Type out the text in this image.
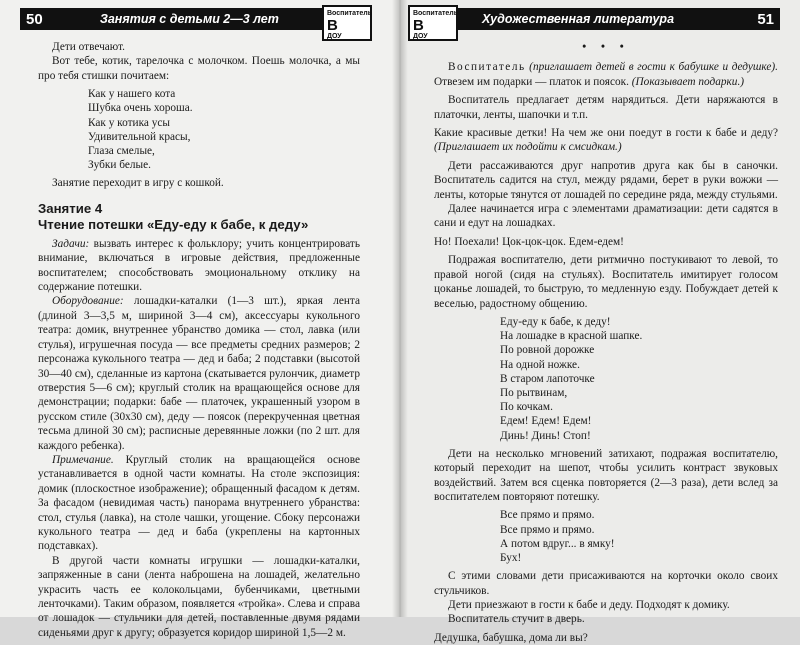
50	Занятия с детьми 2—3 лет	Воспитатель
В
ДОУ

Дети отвечают.

Вот тебе, котик, тарелочка с молочком. Поешь молочка, а мы про тебя стишки почитаем:

Как у нашего кота
Шубка очень хороша.
Как у котика усы
Удивительной красы,
Глаза смелые,
Зубки белые.

Занятие переходит в игру с кошкой.

Занятие 4
Чтение потешки «Еду-еду к бабе, к деду»

Задачи: вызвать интерес к фольклору; учить концентрировать внимание, включаться в игровые действия, предложенные воспитателем; способствовать эмоциональному отклику на содержание потешки.

Оборудование: лошадки-каталки (1—3 шт.), яркая лента (длиной 3—3,5 м, шириной 3—4 см), аксессуары кукольного театра: домик, внутреннее убранство домика — стол, лавка (или стулья), игрушечная посуда — все предметы средних размеров; 2 персонажа кукольного театра — дед и баба; 2 подставки (высотой 30—40 см), сделанные из картона (скатывается рулончик, диаметр отверстия 5—6 см); круглый столик на вращающейся основе для демонстрации; подарки: бабе — платочек, украшенный узором в русском стиле (30x30 см), деду — поясок (перекрученная цветная тесьма длиной 30 см); расписные деревянные ложки (по 2 шт. для каждого ребенка).

Примечание. Круглый столик на вращающейся основе устанавливается в одной части комнаты. На столе экспозиция: домик (плоскостное изображение); обращенный фасадом к детям. За фасадом (невидимая часть) панорама внутреннего убранства: стол, стулья (лавка), на столе чашки, угощение. Сбоку персонажи кукольного театра — дед и баба (укреплены на картонных подставках).

В другой части комнаты игрушки — лошадки-каталки, запряженные в сани (лента наброшена на лошадей, желательно украсить часть ее колокольцами, бубенчиками, цветными ленточками). Таким образом, появляется «тройка». Слева и справа от лошадок — стульчики для детей, поставленные двумя рядами сиденьями друг к другу; образуется коридор шириной 1,5—2 м.

Художественная литература	51
Воспитатель
В
ДОУ
• • •

Воспитатель (приглашает детей в гости к бабушке и дедушке). Отвезем им подарки — платок и поясок. (Показывает подарки.)

Воспитатель предлагает детям нарядиться. Дети наряжаются в платочки, ленты, шапочки и т.п.

Какие красивые детки! На чем же они поедут в гости к бабе и деду? (Приглашает их подойти к смсидкам.)

Дети рассаживаются друг напротив друга как бы в саночки. Воспитатель садится на стул, между рядами, берет в руки вожжи — ленты, которые тянутся от лошадей по середине ряда, между стульями.

Далее начинается игра с элементами драматизации: дети садятся в сани и едут на лошадках.

Но! Поехали! Цок-цок-цок. Едем-едем!

Подражая воспитателю, дети ритмично постукивают то левой, то правой ногой (сидя на стульях). Воспитатель имитирует голосом цоканье лошадей, то быструю, то медленную езду. Побуждает детей к веселью, радостному общению.

Еду-еду к бабе, к деду!
На лошадке в красной шапке.
По ровной дорожке
На одной ножке.
В старом лапоточке
По рытвинам,
По кочкам.
Едем! Едем! Едем!
Динь! Динь! Стоп!

Дети на несколько мгновений затихают, подражая воспитателю, который переходит на шепот, чтобы усилить контраст звуковых воздействий. Затем вся сценка повторяется (2—3 раза), дети вслед за воспитателем повторяют потешку.

Все прямо и прямо.
Все прямо и прямо.
А потом вдруг... в ямку!
Бух!

С этими словами дети присаживаются на корточки около своих стульчиков.

Дети приезжают в гости к бабе и деду. Подходят к домику.

Воспитатель стучит в дверь.

Дедушка, бабушка, дома ли вы?
